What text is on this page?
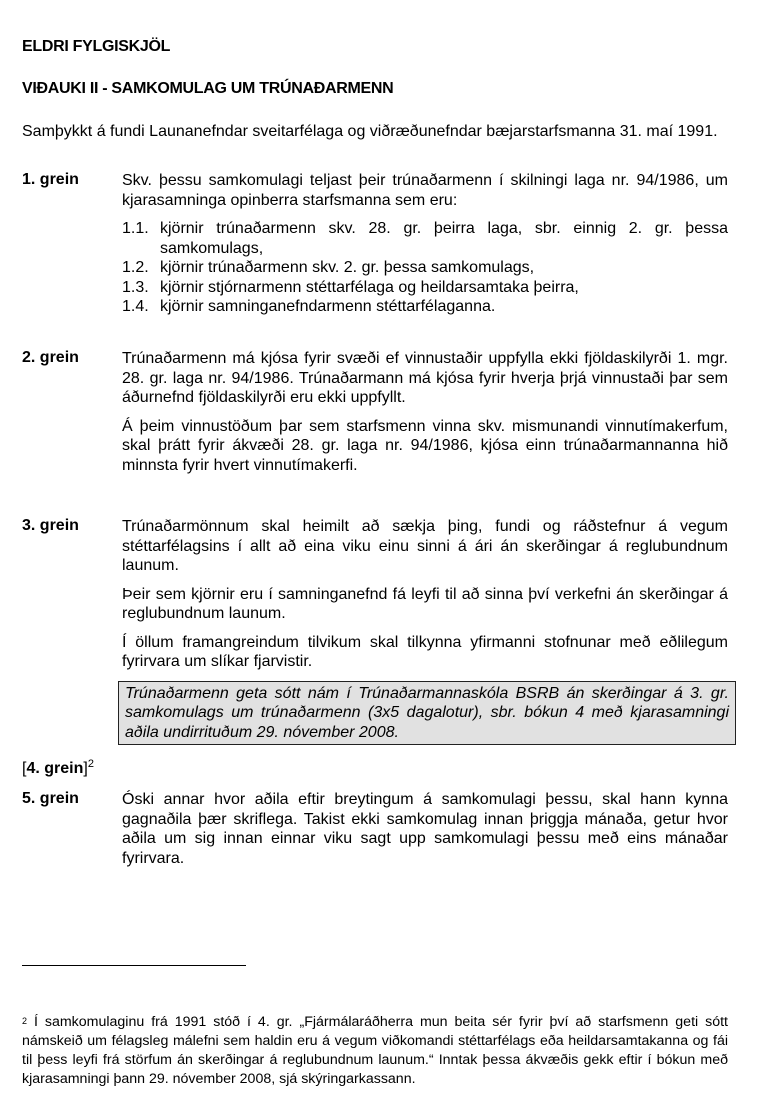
ELDRI FYLGISKJÖL
VIÐAUKI II - SAMKOMULAG UM TRÚNAÐARMENN
Samþykkt á fundi Launanefndar sveitarfélaga og viðræðunefndar bæjarstarfsmanna 31. maí 1991.
1. grein	Skv. þessu samkomulagi teljast þeir trúnaðarmenn í skilningi laga nr. 94/1986, um kjarasamninga opinberra starfsmanna sem eru:

1.1. kjörnir trúnaðarmenn skv. 28. gr. þeirra laga, sbr. einnig 2. gr. þessa samkomulags,
1.2. kjörnir trúnaðarmenn skv. 2. gr. þessa samkomulags,
1.3. kjörnir stjórnarmenn stéttarfélaga og heildarsamtaka þeirra,
1.4. kjörnir samninganefndarmenn stéttarfélaganna.
2. grein	Trúnaðarmenn má kjósa fyrir svæði ef vinnustaðir uppfylla ekki fjöldaskilyrði 1. mgr. 28. gr. laga nr. 94/1986. Trúnaðarmann má kjósa fyrir hverja þrjá vinnustaði þar sem áðurnefnd fjöldaskilyrði eru ekki uppfyllt.

Á þeim vinnustöðum þar sem starfsmenn vinna skv. mismunandi vinnutímakerfum, skal þrátt fyrir ákvæði 28. gr. laga nr. 94/1986, kjósa einn trúnaðarmannanna hið minnsta fyrir hvert vinnutímakerfi.

3. grein	Trúnaðarmönnum skal heimilt að sækja þing, fundi og ráðstefnur á vegum stéttarfélagsins í allt að eina viku einu sinni á ári án skerðingar á reglubundnum launum.

Þeir sem kjörnir eru í samninganefnd fá leyfi til að sinna því verkefni án skerðingar á reglubundnum launum.

Í öllum framangreindum tilvikum skal tilkynna yfirmanni stofnunar með eðlilegum fyrirvara um slíkar fjarvistir.

Trúnaðarmenn geta sótt nám í Trúnaðarmannaskóla BSRB án skerðingar á 3. gr. samkomulags um trúnaðarmenn (3x5 dagalotur), sbr. bókun 4 með kjarasamningi aðila undirrituðum 29. nóvember 2008.
[4. grein]$^2$
5. grein	Óski annar hvor aðila eftir breytingum á samkomulagi þessu, skal hann kynna gagnaðila þær skriflega. Takist ekki samkomulag innan þriggja mánaða, getur hvor aðila um sig innan einnar viku sagt upp samkomulagi þessu með eins mánaðar fyrirvara.

$^2$ Í samkomulaginu frá 1991 stóð í 4. gr. „Fjármálaráðherra mun beita sér fyrir því að starfsmenn geti sótt námskeið um félagsleg málefni sem haldin eru á vegum viðkomandi stéttarfélags eða heildarsamtakanna og fái til þess leyfi frá störfum án skerðingar á reglubundnum launum.“ Inntak þessa ákvæðis gekk eftir í bókun með kjarasamningi þann 29. nóvember 2008, sjá skýringarkassann.
